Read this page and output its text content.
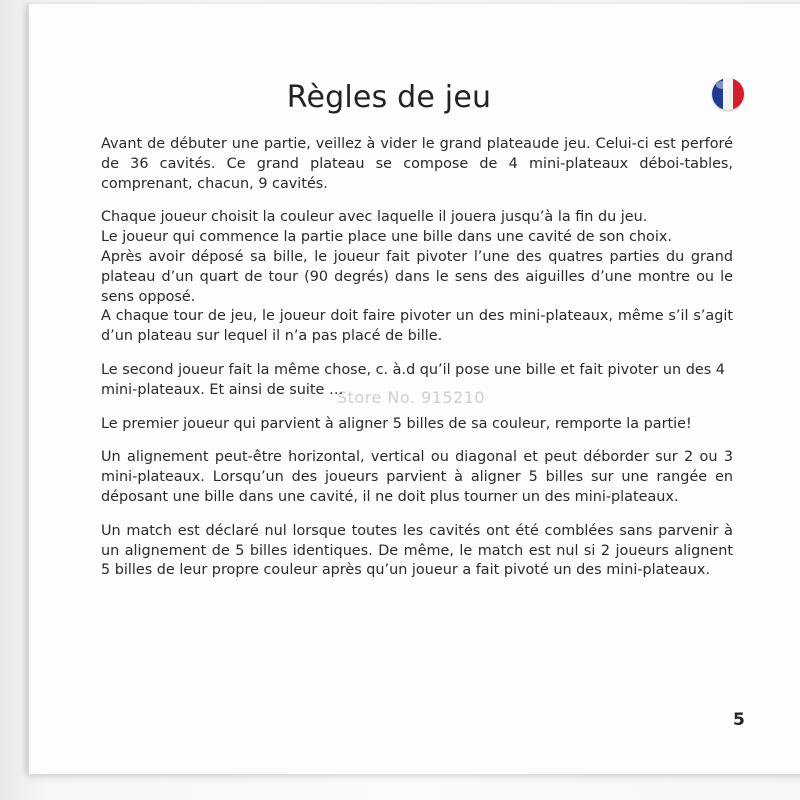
Règles de jeu

Avant de débuter une partie, veillez à vider le grand plateaude jeu. Celui-ci est perforé de 36 cavités. Ce grand plateau se compose de 4 mini-plateaux déboi-tables, comprenant, chacun, 9 cavités.

Chaque joueur choisit la couleur avec laquelle il jouera jusqu’à la fin du jeu.

Le joueur qui commence la partie place une bille dans une cavité de son choix.

Après avoir déposé sa bille, le joueur fait pivoter l’une des quatres parties du grand plateau d’un quart de tour (90 degrés) dans le sens des aiguilles d’une montre ou le sens opposé.

A chaque tour de jeu, le joueur doit faire pivoter un des mini-plateaux, même s’il s’agit d’un plateau sur lequel il n’a pas placé de bille.

Le second joueur fait la même chose, c. à.d qu’il pose une bille et fait pivoter un des 4 mini-plateaux. Et ainsi de suite …

Le premier joueur qui parvient à aligner 5 billes de sa couleur, remporte la partie!

Un alignement peut-être horizontal, vertical ou diagonal et peut déborder sur 2 ou 3 mini-plateaux. Lorsqu’un des joueurs parvient à aligner 5 billes sur une rangée en déposant une bille dans une cavité, il ne doit plus tourner un des mini-plateaux.

Un match est déclaré nul lorsque toutes les cavités ont été comblées sans parvenir à un alignement de 5 billes identiques. De même, le match est nul si 2 joueurs alignent 5 billes de leur propre couleur après qu’un joueur a fait pivoté un des mini-plateaux.

Store No. 915210
5
